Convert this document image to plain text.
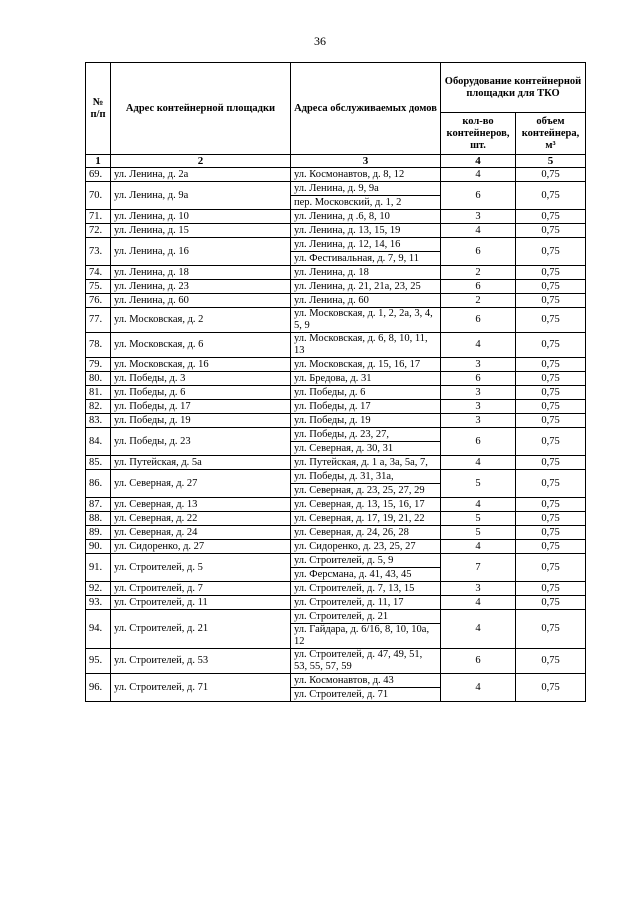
36
№ п/п	Адрес контейнерной площадки	Адреса обслуживаемых домов	Оборудование контейнерной площадки для ТКО	
			кол-во контейнеров, шт.	объем контейнера, м³
1	2	3	4	5
69.	ул. Ленина, д. 2а	ул. Космонавтов, д. 8, 12	4	0,75
70.	ул. Ленина, д. 9а	ул. Ленина, д. 9, 9а	6	0,75
		пер. Московский, д. 1, 2		
71.	ул. Ленина, д. 10	ул. Ленина, д .6, 8, 10	3	0,75
72.	ул. Ленина, д. 15	ул. Ленина, д. 13, 15, 19	4	0,75
73.	ул. Ленина, д. 16	ул. Ленина, д. 12, 14, 16	6	0,75
		ул. Фестивальная, д. 7, 9, 11		
74.	ул. Ленина, д. 18	ул. Ленина, д. 18	2	0,75
75.	ул. Ленина, д. 23	ул. Ленина, д. 21, 21а, 23, 25	6	0,75
76.	ул. Ленина, д. 60	ул. Ленина, д. 60	2	0,75
77.	ул. Московская, д. 2	ул. Московская, д. 1, 2, 2а, 3, 4, 5, 9	6	0,75
78.	ул. Московская, д. 6	ул. Московская, д. 6, 8, 10, 11, 13	4	0,75
79.	ул. Московская, д. 16	ул. Московская, д. 15, 16, 17	3	0,75
80.	ул. Победы, д. 3	ул. Бредова, д. 31	6	0,75
81.	ул. Победы, д. 6	ул. Победы, д. 6	3	0,75
82.	ул. Победы, д. 17	ул. Победы, д. 17	3	0,75
83.	ул. Победы, д. 19	ул. Победы, д. 19	3	0,75
84.	ул. Победы, д. 23	ул. Победы, д. 23, 27,	6	0,75
		ул. Северная, д. 30, 31		
85.	ул. Путейская, д. 5а	ул. Путейская, д. 1 а, 3а, 5а, 7,	4	0,75
86.	ул. Северная, д. 27	ул. Победы, д. 31, 31а,	5	0,75
		ул. Северная, д. 23, 25, 27, 29		
87.	ул. Северная, д. 13	ул. Северная, д. 13, 15, 16, 17	4	0,75
88.	ул. Северная, д. 22	ул. Северная, д. 17, 19, 21, 22	5	0,75
89.	ул. Северная, д. 24	ул. Северная, д. 24, 26, 28	5	0,75
90.	ул. Сидоренко, д. 27	ул. Сидоренко, д. 23, 25, 27	4	0,75
91.	ул. Строителей, д. 5	ул. Строителей, д. 5, 9	7	0,75
		ул. Ферсмана, д. 41, 43, 45		
92.	ул. Строителей, д. 7	ул. Строителей, д. 7, 13, 15	3	0,75
93.	ул. Строителей, д. 11	ул. Строителей, д. 11, 17	4	0,75
94.	ул. Строителей, д. 21	ул. Строителей, д. 21	4	0,75
		ул. Гайдара, д. 6/16, 8, 10, 10а, 12		
95.	ул. Строителей, д. 53	ул. Строителей, д. 47, 49, 51, 53, 55, 57, 59	6	0,75
96.	ул. Строителей, д. 71	ул. Космонавтов, д. 43	4	0,75
		ул. Строителей, д. 71		
